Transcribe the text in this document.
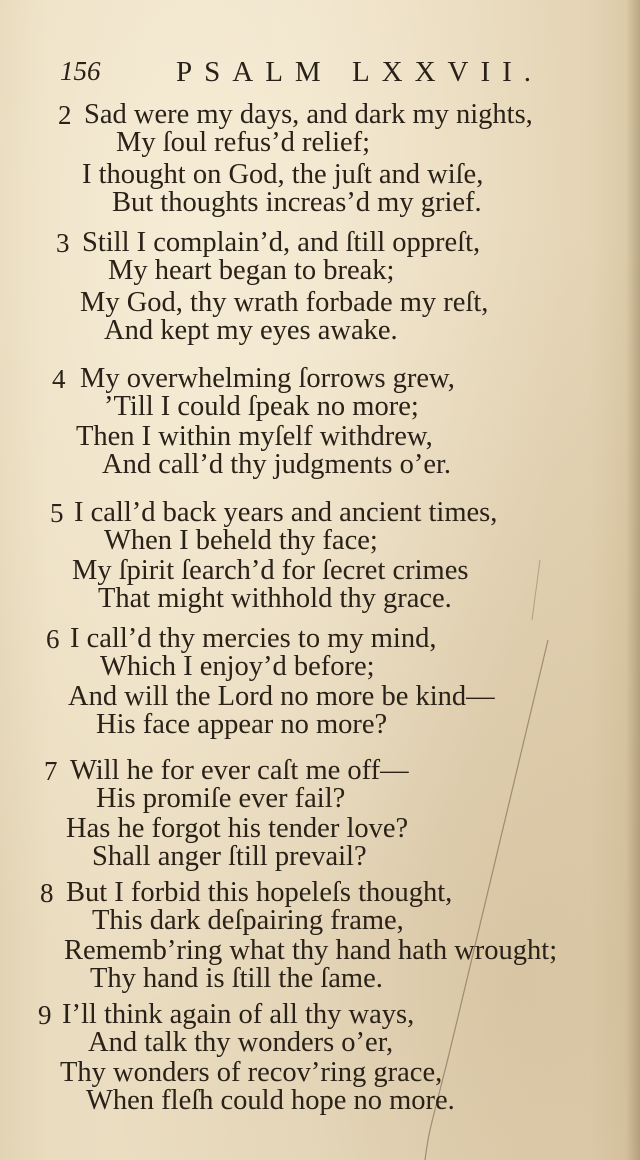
156	PSALM LXXVII.
2 Sad were my days, and dark my nights,
My ſoul refus’d relief;
I thought on God, the juſt and wiſe,
But thoughts increas’d my grief.
3 Still I complain’d, and ſtill oppreſt,
My heart began to break;
My God, thy wrath forbade my reſt,
And kept my eyes awake.
4 My overwhelming ſorrows grew,
’Till I could ſpeak no more;
Then I within myſelf withdrew,
And call’d thy judgments o’er.
5 I call’d back years and ancient times,
When I beheld thy face;
My ſpirit ſearch’d for ſecret crimes
That might withhold thy grace.
6 I call’d thy mercies to my mind,
Which I enjoy’d before;
And will the Lord no more be kind—
His face appear no more?
7 Will he for ever caſt me off—
His promiſe ever fail?
Has he forgot his tender love?
Shall anger ſtill prevail?
8 But I forbid this hopeleſs thought,
This dark deſpairing frame,
Rememb’ring what thy hand hath wrought;
Thy hand is ſtill the ſame.
9 I’ll think again of all thy ways,
And talk thy wonders o’er,
Thy wonders of recov’ring grace,
When fleſh could hope no more.
